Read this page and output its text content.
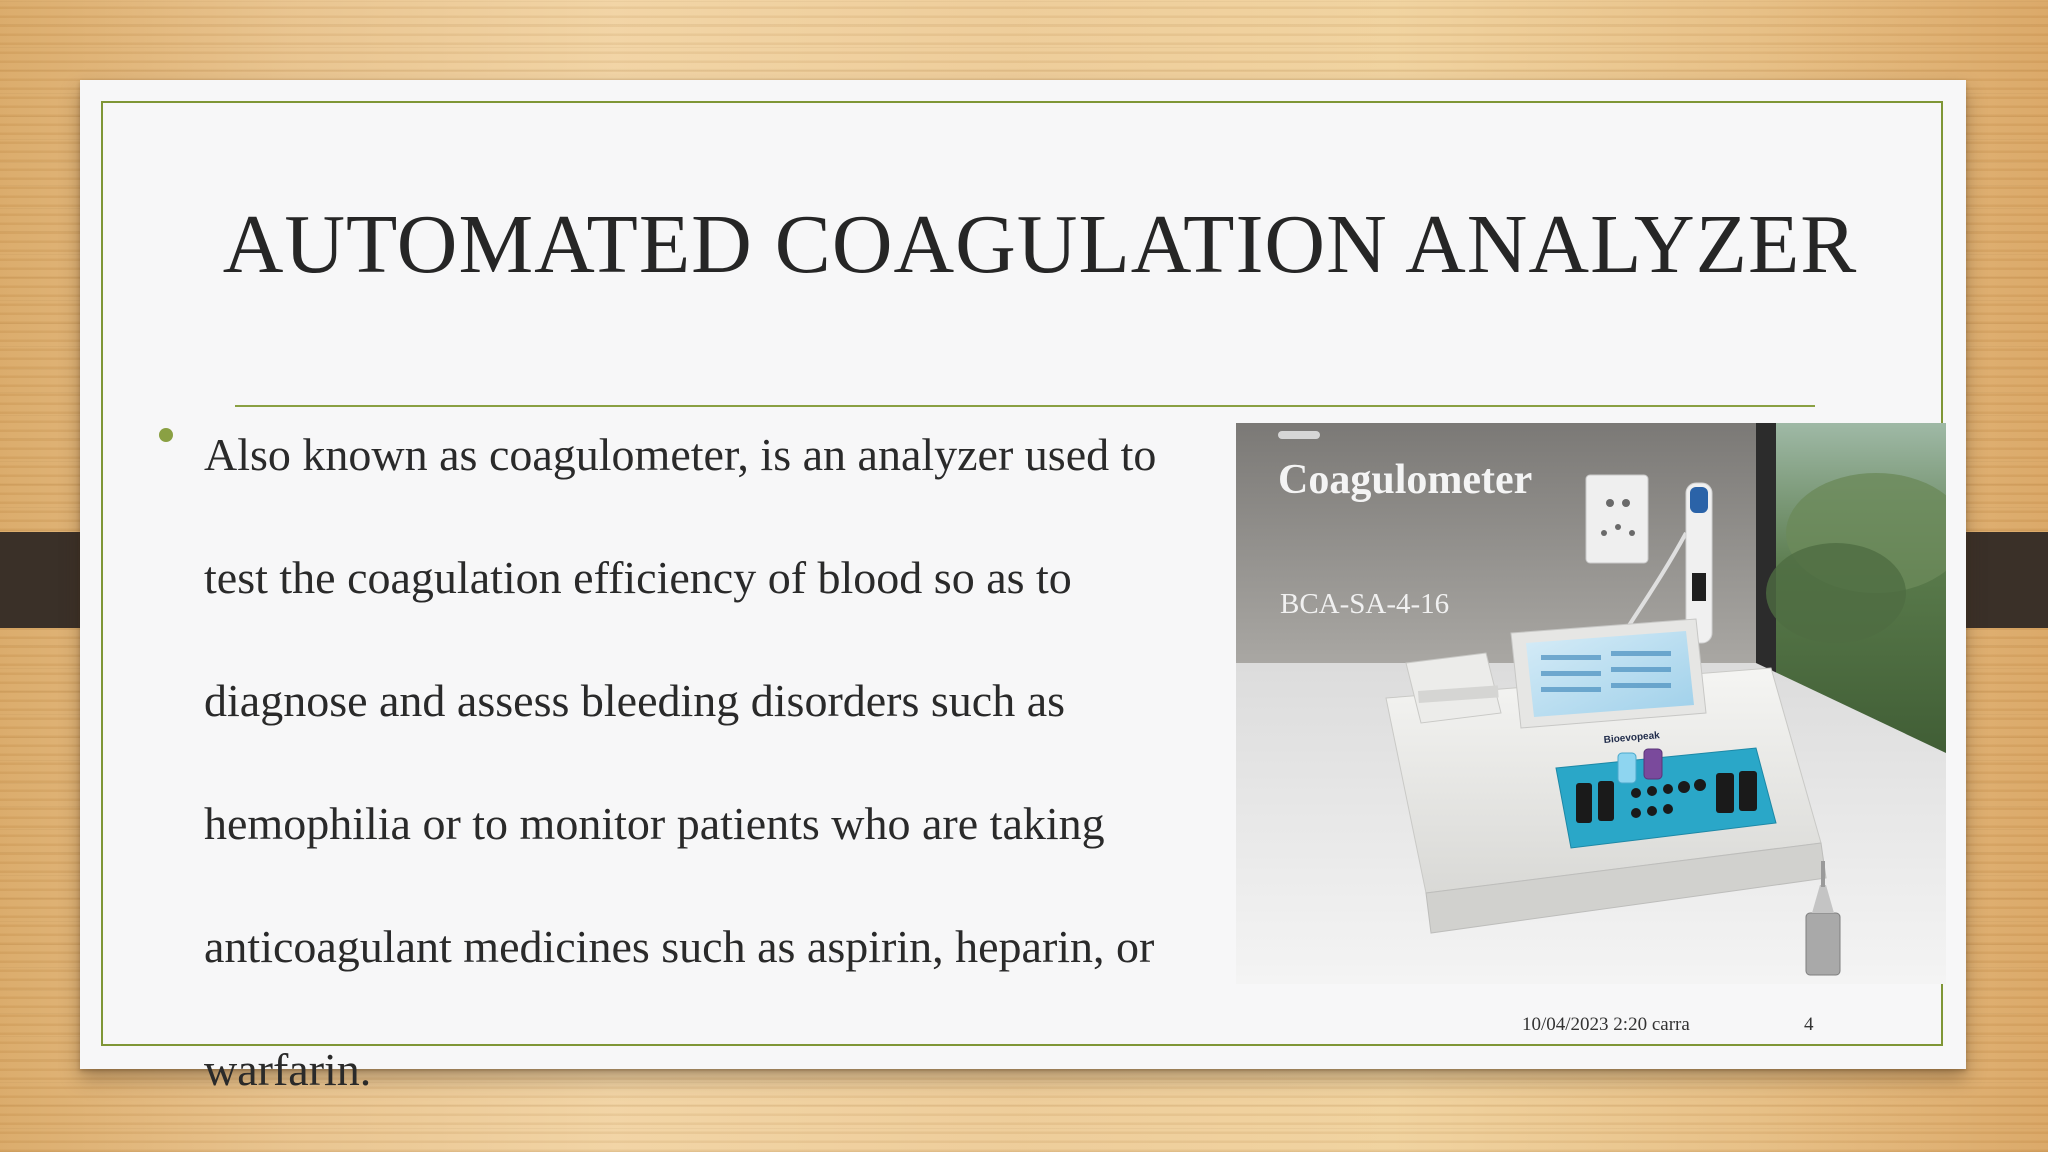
AUTOMATED COAGULATION ANALYZER

Also known as coagulometer, is an analyzer used to
test the coagulation efficiency of blood so as to
diagnose and assess bleeding disorders such as
hemophilia or to monitor patients who are taking
anticoagulant medicines such as aspirin, heparin, or
warfarin.

Coagulometer
BCA-SA-4-16
Bioevopeak
10/04/2023 2:20 carra	4
